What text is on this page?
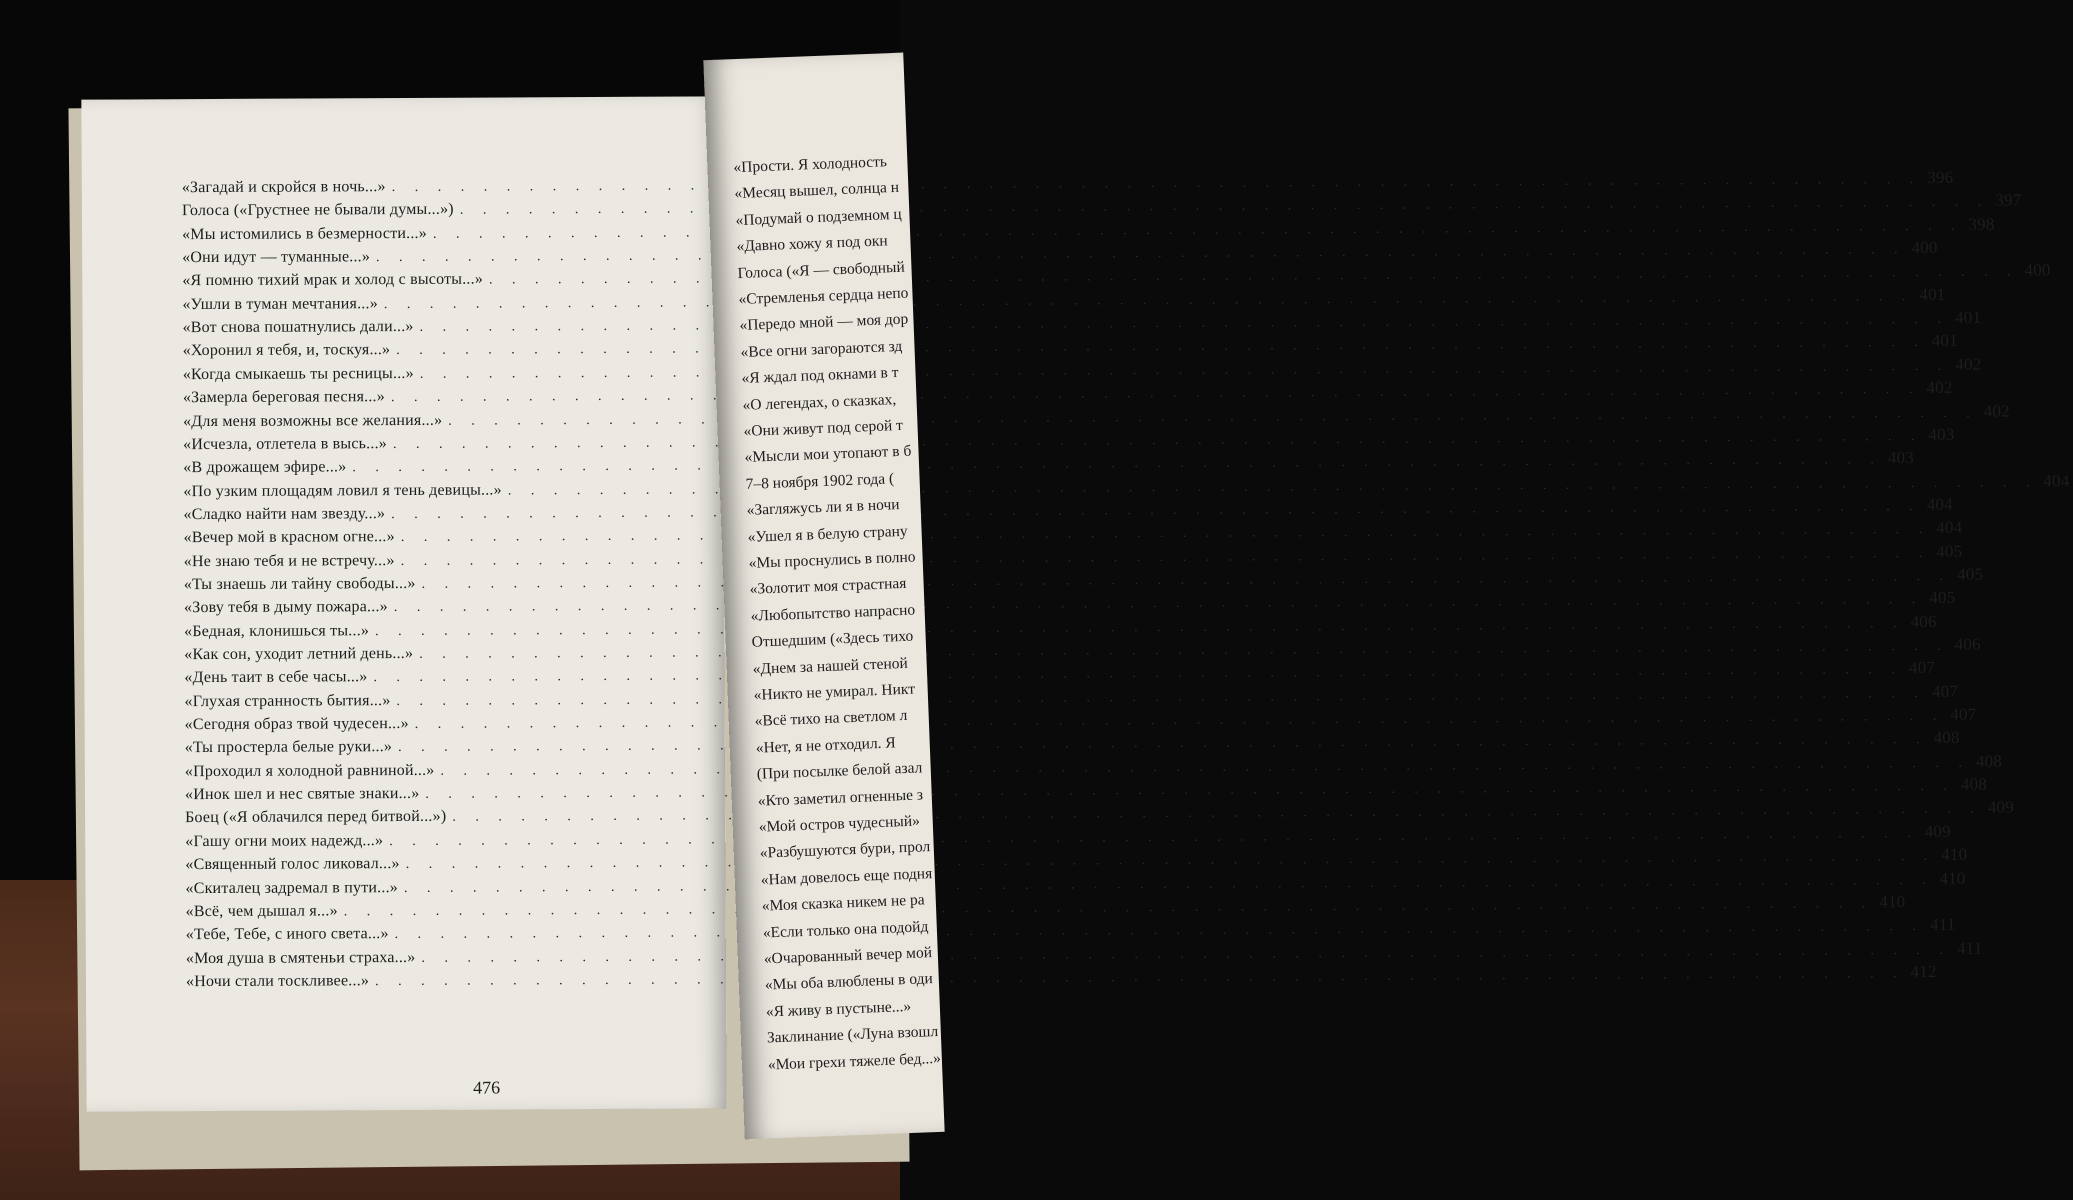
«Загадай и скройся в ночь...»
. . .
396
Голоса («Грустнее не бывали думы...»)
. . .
397
«Мы истомились в безмерности...»
. . .
398
«Они идут — туманные...»
. . .
400
«Я помню тихий мрак и холод с высоты...»
. . .
400
«Ушли в туман мечтания...»
. . .
401
«Вот снова пошатнулись дали...»
. . .
401
«Хоронил я тебя, и, тоскуя...»
. . .
401
«Когда смыкаешь ты ресницы...»
. . .
402
«Замерла береговая песня...»
. . .
402
«Для меня возможны все желания...»
. . .
402
«Исчезла, отлетела в высь...»
. . .
403
«В дрожащем эфире...» . . .	403
«По узким площадям ловил я тень девицы...»
. . .
404
«Сладко найти нам звезду...»
. . .
404
«Вечер мой в красном огне...»
. . .
404
«Не знаю тебя и не встречу...»
. . .
405
«Ты знаешь ли тайну свободы...»
. . .
405
«Зову тебя в дыму пожара...»
. . .
405
«Бедная, клонишься ты...»
. . .
406
«Как сон, уходит летний день...»
. . .
406
«День таит в себе часы...»
. . .
407
«Глухая странность бытия...»
. . .
407
«Сегодня образ твой чудесен...»
. . .
407
«Ты простерла белые руки...»
. . .
408
«Проходил я холодной равниной...»
. . .
408
«Инок шел и нес святые знаки...»
. . .
408
Боец («Я облачился перед битвой...»)
. . .
409
«Гашу огни моих надежд...»
. . .
409
«Священный голос ликовал...»
. . .
410
«Скиталец задремал в пути...»
. . .
410
«Всё, чем дышал я...» . . .	410
«Тебе, Тебе, с иного света...»
. . .
411
«Моя душа в смятеньи страха...»
. . .
411
«Ночи стали тоскливее...»
. . .
412
476
«Прости. Я холодность
«Месяц вышел, солнца н
«Подумай о подземном ц
«Давно хожу я под окн
Голоса («Я — свободный
«Стремленья сердца непо
«Передо мной — моя дор
«Все огни загораются зд
«Я ждал под окнами в т
«О легендах, о сказках,
«Они живут под серой т
«Мысли мои утопают в б
7–8 ноября 1902 года (
«Загляжусь ли я в ночи
«Ушел я в белую страну
«Мы проснулись в полно
«Золотит моя страстная
«Любопытство напрасно
Отшедшим («Здесь тихо
«Днем за нашей стеной
«Никто не умирал. Никт
«Всё тихо на светлом л
«Нет, я не отходил. Я
(При посылке белой азал
«Кто заметил огненные з
«Мой остров чудесный»
«Разбушуются бури, прол
«Нам довелось еще подня
«Моя сказка никем не ра
«Если только она подойд
«Очарованный вечер мой
«Мы оба влюблены в оди
«Я живу в пустыне...»
Заклинание («Луна взошл
«Мои грехи тяжеле бед...»
